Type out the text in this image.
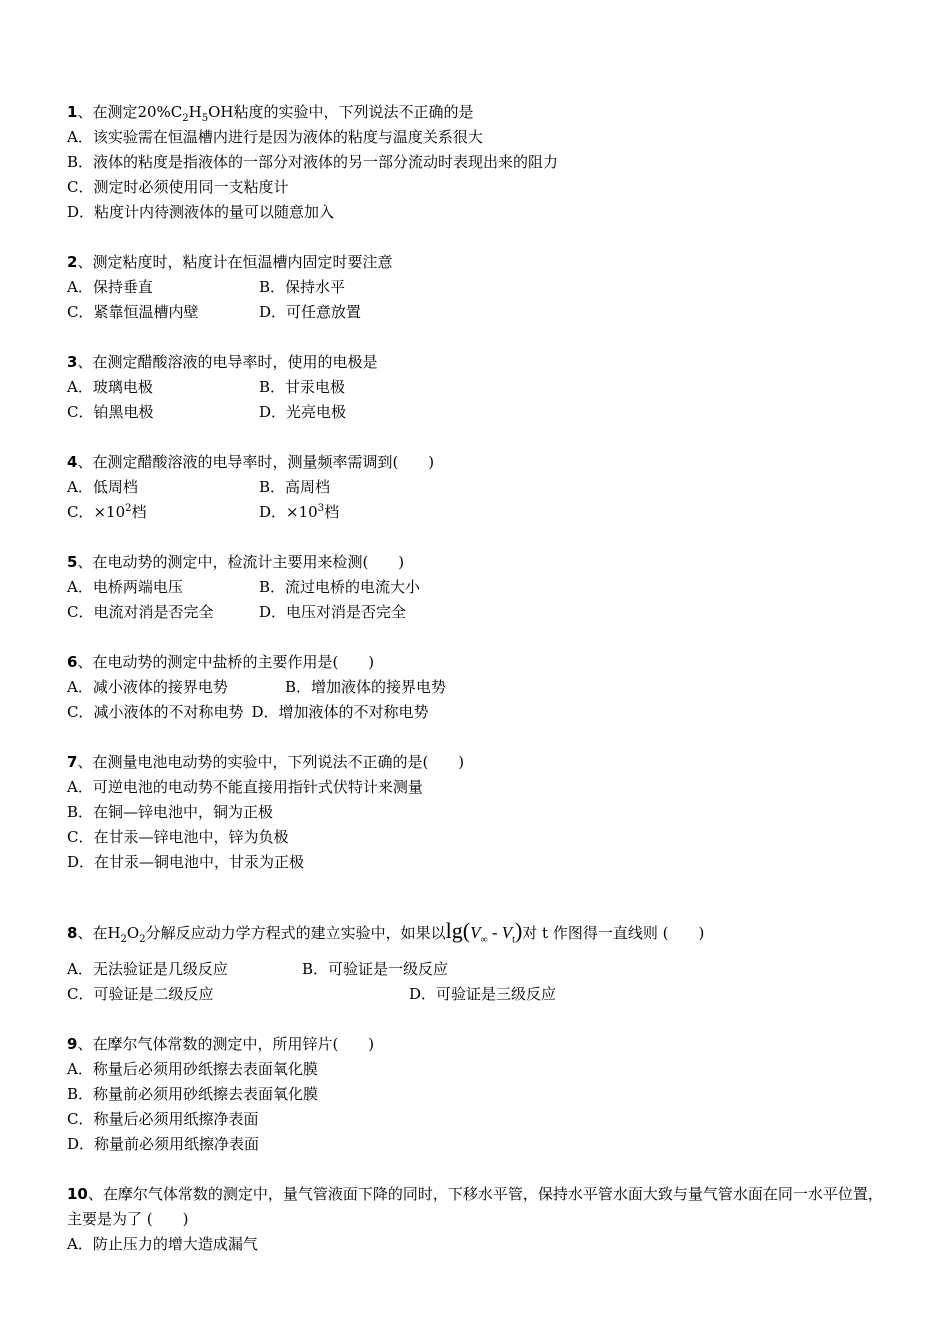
1、在测定$20\%C_2H_5OH$粘度的实验中，下列说法不正确的是
A．该实验需在恒温槽内进行是因为液体的粘度与温度关系很大
B．液体的粘度是指液体的一部分对液体的另一部分流动时表现出来的阻力
C．测定时必须使用同一支粘度计
D．粘度计内待测液体的量可以随意加入
2、测定粘度时，粘度计在恒温槽内固定时要注意
A．保持垂直	B．保持水平
C．紧靠恒温槽内壁	D．可任意放置
3、在测定醋酸溶液的电导率时，使用的电极是
A．玻璃电极	B．甘汞电极
C．铂黑电极	D．光亮电极
4、在测定醋酸溶液的电导率时，测量频率需调到(　　)
A．低周档	B．高周档
C．$\times 10^2$档	D．$\times 10^3$档
5、在电动势的测定中，检流计主要用来检测(　　)
A．电桥两端电压	B．流过电桥的电流大小
C．电流对消是否完全	D．电压对消是否完全
6、在电动势的测定中盐桥的主要作用是(　　)
A．减小液体的接界电势	B．增加液体的接界电势
C．减小液体的不对称电势 D．增加液体的不对称电势
7、在测量电池电动势的实验中，下列说法不正确的是(　　)
A．可逆电池的电动势不能直接用指针式伏特计来测量
B．在铜—锌电池中，铜为正极
C．在甘汞—锌电池中，锌为负极
D．在甘汞—铜电池中，甘汞为正极
8、在$H_2O_2$分解反应动力学方程式的建立实验中，如果以$\lg(V_\infty - V_t)$对 t 作图得一直线则 (　　)
A．无法验证是几级反应	B．可验证是一级反应
C．可验证是二级反应	D．可验证是三级反应
9、在摩尔气体常数的测定中，所用锌片(　　)
A．称量后必须用砂纸擦去表面氧化膜
B．称量前必须用砂纸擦去表面氧化膜
C．称量后必须用纸擦净表面
D．称量前必须用纸擦净表面
10、在摩尔气体常数的测定中，量气管液面下降的同时，下移水平管，保持水平管水面大致与量气管水面在同一水平位置，主要是为了 (　　)
A．防止压力的增大造成漏气
